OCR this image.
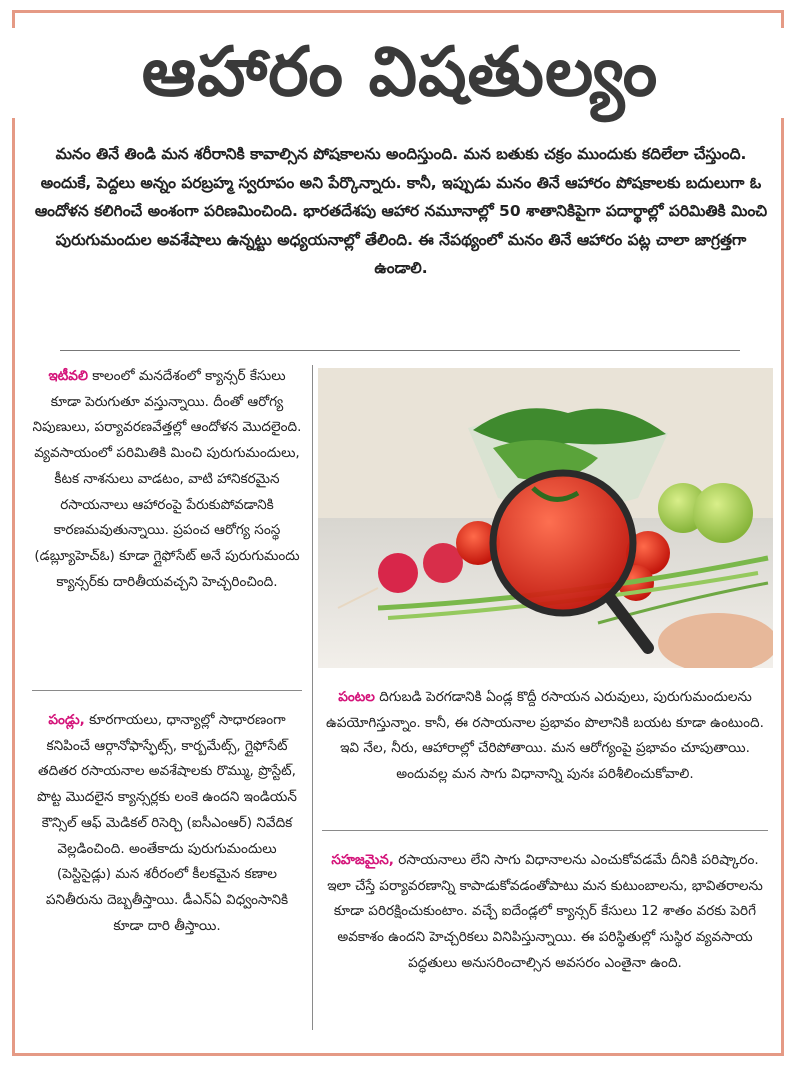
ఆహారం విషతుల్యం
మనం తినే తిండి మన శరీరానికి కావాల్సిన పోషకాలను అందిస్తుంది. మన బతుకు చక్రం ముందుకు కదిలేలా చేస్తుంది. అందుకే, పెద్దలు అన్నం పరబ్రహ్మ స్వరూపం అని పేర్కొన్నారు. కానీ, ఇప్పుడు మనం తినే ఆహారం పోషకాలకు బదులుగా ఓ ఆందోళన కలిగించే అంశంగా పరిణమించింది. భారతదేశపు ఆహార నమూనాల్లో 50 శాతానికిపైగా పదార్థాల్లో పరిమితికి మించి పురుగుమందుల అవశేషాలు ఉన్నట్టు అధ్యయనాల్లో తేలింది. ఈ నేపథ్యంలో మనం తినే ఆహారం పట్ల చాలా జాగ్రత్తగా ఉండాలి.
ఇటీవలి కాలంలో మనదేశంలో క్యాన్సర్ కేసులు కూడా పెరుగుతూ వస్తున్నాయి. దీంతో ఆరోగ్య నిపుణులు, పర్యావరణవేత్తల్లో ఆందోళన మొదలైంది. వ్యవసాయంలో పరిమితికి మించి పురుగుమందులు, కీటక నాశనులు వాడటం, వాటి హానికరమైన రసాయనాలు ఆహారంపై పేరుకుపోవడానికి కారణమవుతున్నాయి. ప్రపంచ ఆరోగ్య సంస్థ (డబ్ల్యూహెచ్ఓ) కూడా గ్లైఫోసేట్ అనే పురుగుమందు క్యాన్సర్‌కు దారితీయవచ్చని హెచ్చరించింది.
పండ్లు, కూరగాయలు, ధాన్యాల్లో సాధారణంగా కనిపించే ఆర్గానోఫాస్ఫేట్స్, కార్బమేట్స్, గ్లైఫోసేట్ తదితర రసాయనాల అవశేషాలకు రొమ్ము, ప్రొస్టేట్, పొట్ట మొదలైన క్యాన్సర్లకు లంకె ఉందని ఇండియన్ కౌన్సిల్ ఆఫ్ మెడికల్ రిసెర్చి (ఐసీఎంఆర్) నివేదిక వెల్లడించింది. అంతేకాదు పురుగుమందులు (పెస్టిసైడ్లు) మన శరీరంలో కీలకమైన కణాల పనితీరును దెబ్బతీస్తాయి. డీఎన్ఏ విధ్వంసానికి కూడా దారి తీస్తాయి.
పంటల దిగుబడి పెరగడానికి ఏండ్ల కొద్దీ రసాయన ఎరువులు, పురుగుమందులను ఉపయోగిస్తున్నాం. కానీ, ఈ రసాయనాల ప్రభావం పొలానికి బయట కూడా ఉంటుంది. ఇవి నేల, నీరు, ఆహారాల్లో చేరిపోతాయి. మన ఆరోగ్యంపై ప్రభావం చూపుతాయి. అందువల్ల మన సాగు విధానాన్ని పునః పరిశీలించుకోవాలి.
సహజమైన, రసాయనాలు లేని సాగు విధానాలను ఎంచుకోవడమే దీనికి పరిష్కారం. ఇలా చేస్తే పర్యావరణాన్ని కాపాడుకోవడంతోపాటు మన కుటుంబాలను, భావితరాలను కూడా పరిరక్షించుకుంటాం. వచ్చే ఐదేండ్లలో క్యాన్సర్ కేసులు 12 శాతం వరకు పెరిగే అవకాశం ఉందని హెచ్చరికలు వినిపిస్తున్నాయి. ఈ పరిస్థితుల్లో సుస్థిర వ్యవసాయ పద్ధతులు అనుసరించాల్సిన అవసరం ఎంతైనా ఉంది.
